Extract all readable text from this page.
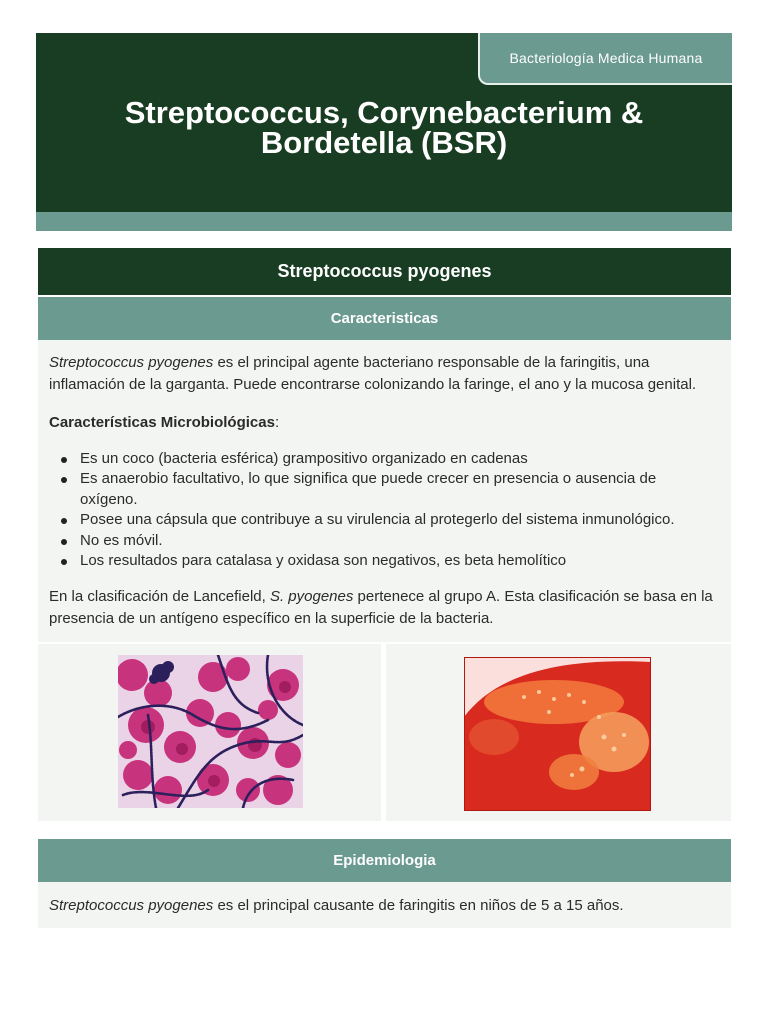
Bacteriología Medica Humana
Streptococcus, Corynebacterium &
Bordetella (BSR)
Streptococcus pyogenes
Caracteristicas

Streptococcus pyogenes es el principal agente bacteriano responsable de la faringitis, una inflamación de la garganta. Puede encontrarse colonizando la faringe, el ano y la mucosa genital.

Características Microbiológicas:

Es un coco (bacteria esférica) grampositivo organizado en cadenas
Es anaerobio facultativo, lo que significa que puede crecer en presencia o ausencia de oxígeno.
Posee una cápsula que contribuye a su virulencia al protegerlo del sistema inmunológico.
No es móvil.
Los resultados para catalasa y oxidasa son negativos, es beta hemolítico

En la clasificación de Lancefield, S. pyogenes pertenece al grupo A. Esta clasificación se basa en la presencia de un antígeno específico en la superficie de la bacteria.

Epidemiologia

Streptococcus pyogenes es el principal causante de faringitis en niños de 5 a 15 años.
